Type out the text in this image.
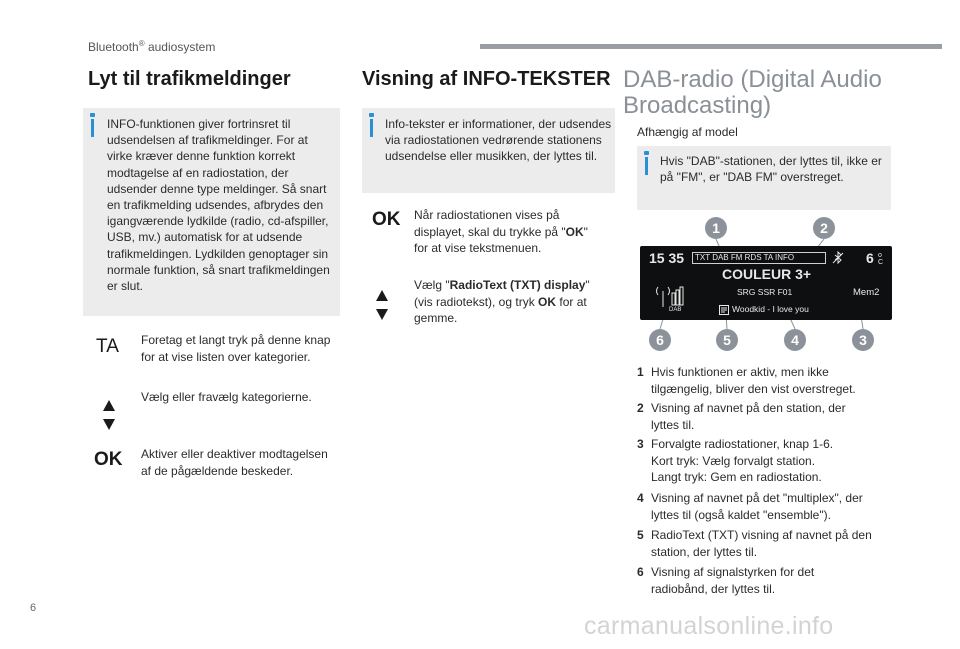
Bluetooth® audiosystem
Lyt til trafikmeldinger
INFO-funktionen giver fortrinsret til
udsendelsen af trafikmeldinger. For at
virke kræver denne funktion korrekt
modtagelse af en radiostation, der
udsender denne type meldinger. Så snart
en trafikmelding udsendes, afbrydes den
igangværende lydkilde (radio, cd-afspiller,
USB, mv.) automatisk for at udsende
trafikmeldingen. Lydkilden genoptager sin
normale funktion, så snart trafikmeldingen
er slut.
TA Foretag et langt tryk på denne knap
for at vise listen over kategorier.
Vælg eller fravælg kategorierne.
OK Aktiver eller deaktiver modtagelsen
af de pågældende beskeder.
Visning af INFO-TEKSTER
Info-tekster er informationer, der udsendes
via radiostationen vedrørende stationens
udsendelse eller musikken, der lyttes til.
OK Når radiostationen vises på
displayet, skal du trykke på "OK"
for at vise tekstmenuen.
Vælg "RadioText (TXT) display"
(vis radiotekst), og tryk OK for at
gemme.
DAB-radio (Digital Audio
Broadcasting)
Afhængig af model
Hvis "DAB"-stationen, der lyttes til, ikke er
på "FM", er "DAB FM" overstreget.
15 35	TXT DAB FM RDS TA INFO	6 o
C
COULEUR 3+
SRG SSR F01	Mem2
Woodkid - I love you
DAB
1	2
6	5	4	3
1 Hvis funktionen er aktiv, men ikke
tilgængelig, bliver den vist overstreget.
2 Visning af navnet på den station, der
lyttes til.
3 Forvalgte radiostationer, knap 1-6.
Kort tryk: Vælg forvalgt station.
Langt tryk: Gem en radiostation.
4 Visning af navnet på det "multiplex", der
lyttes til (også kaldet "ensemble").
5 RadioText (TXT) visning af navnet på den
station, der lyttes til.
6 Visning af signalstyrken for det
radiobånd, der lyttes til.
6
carmanualsonline.info
